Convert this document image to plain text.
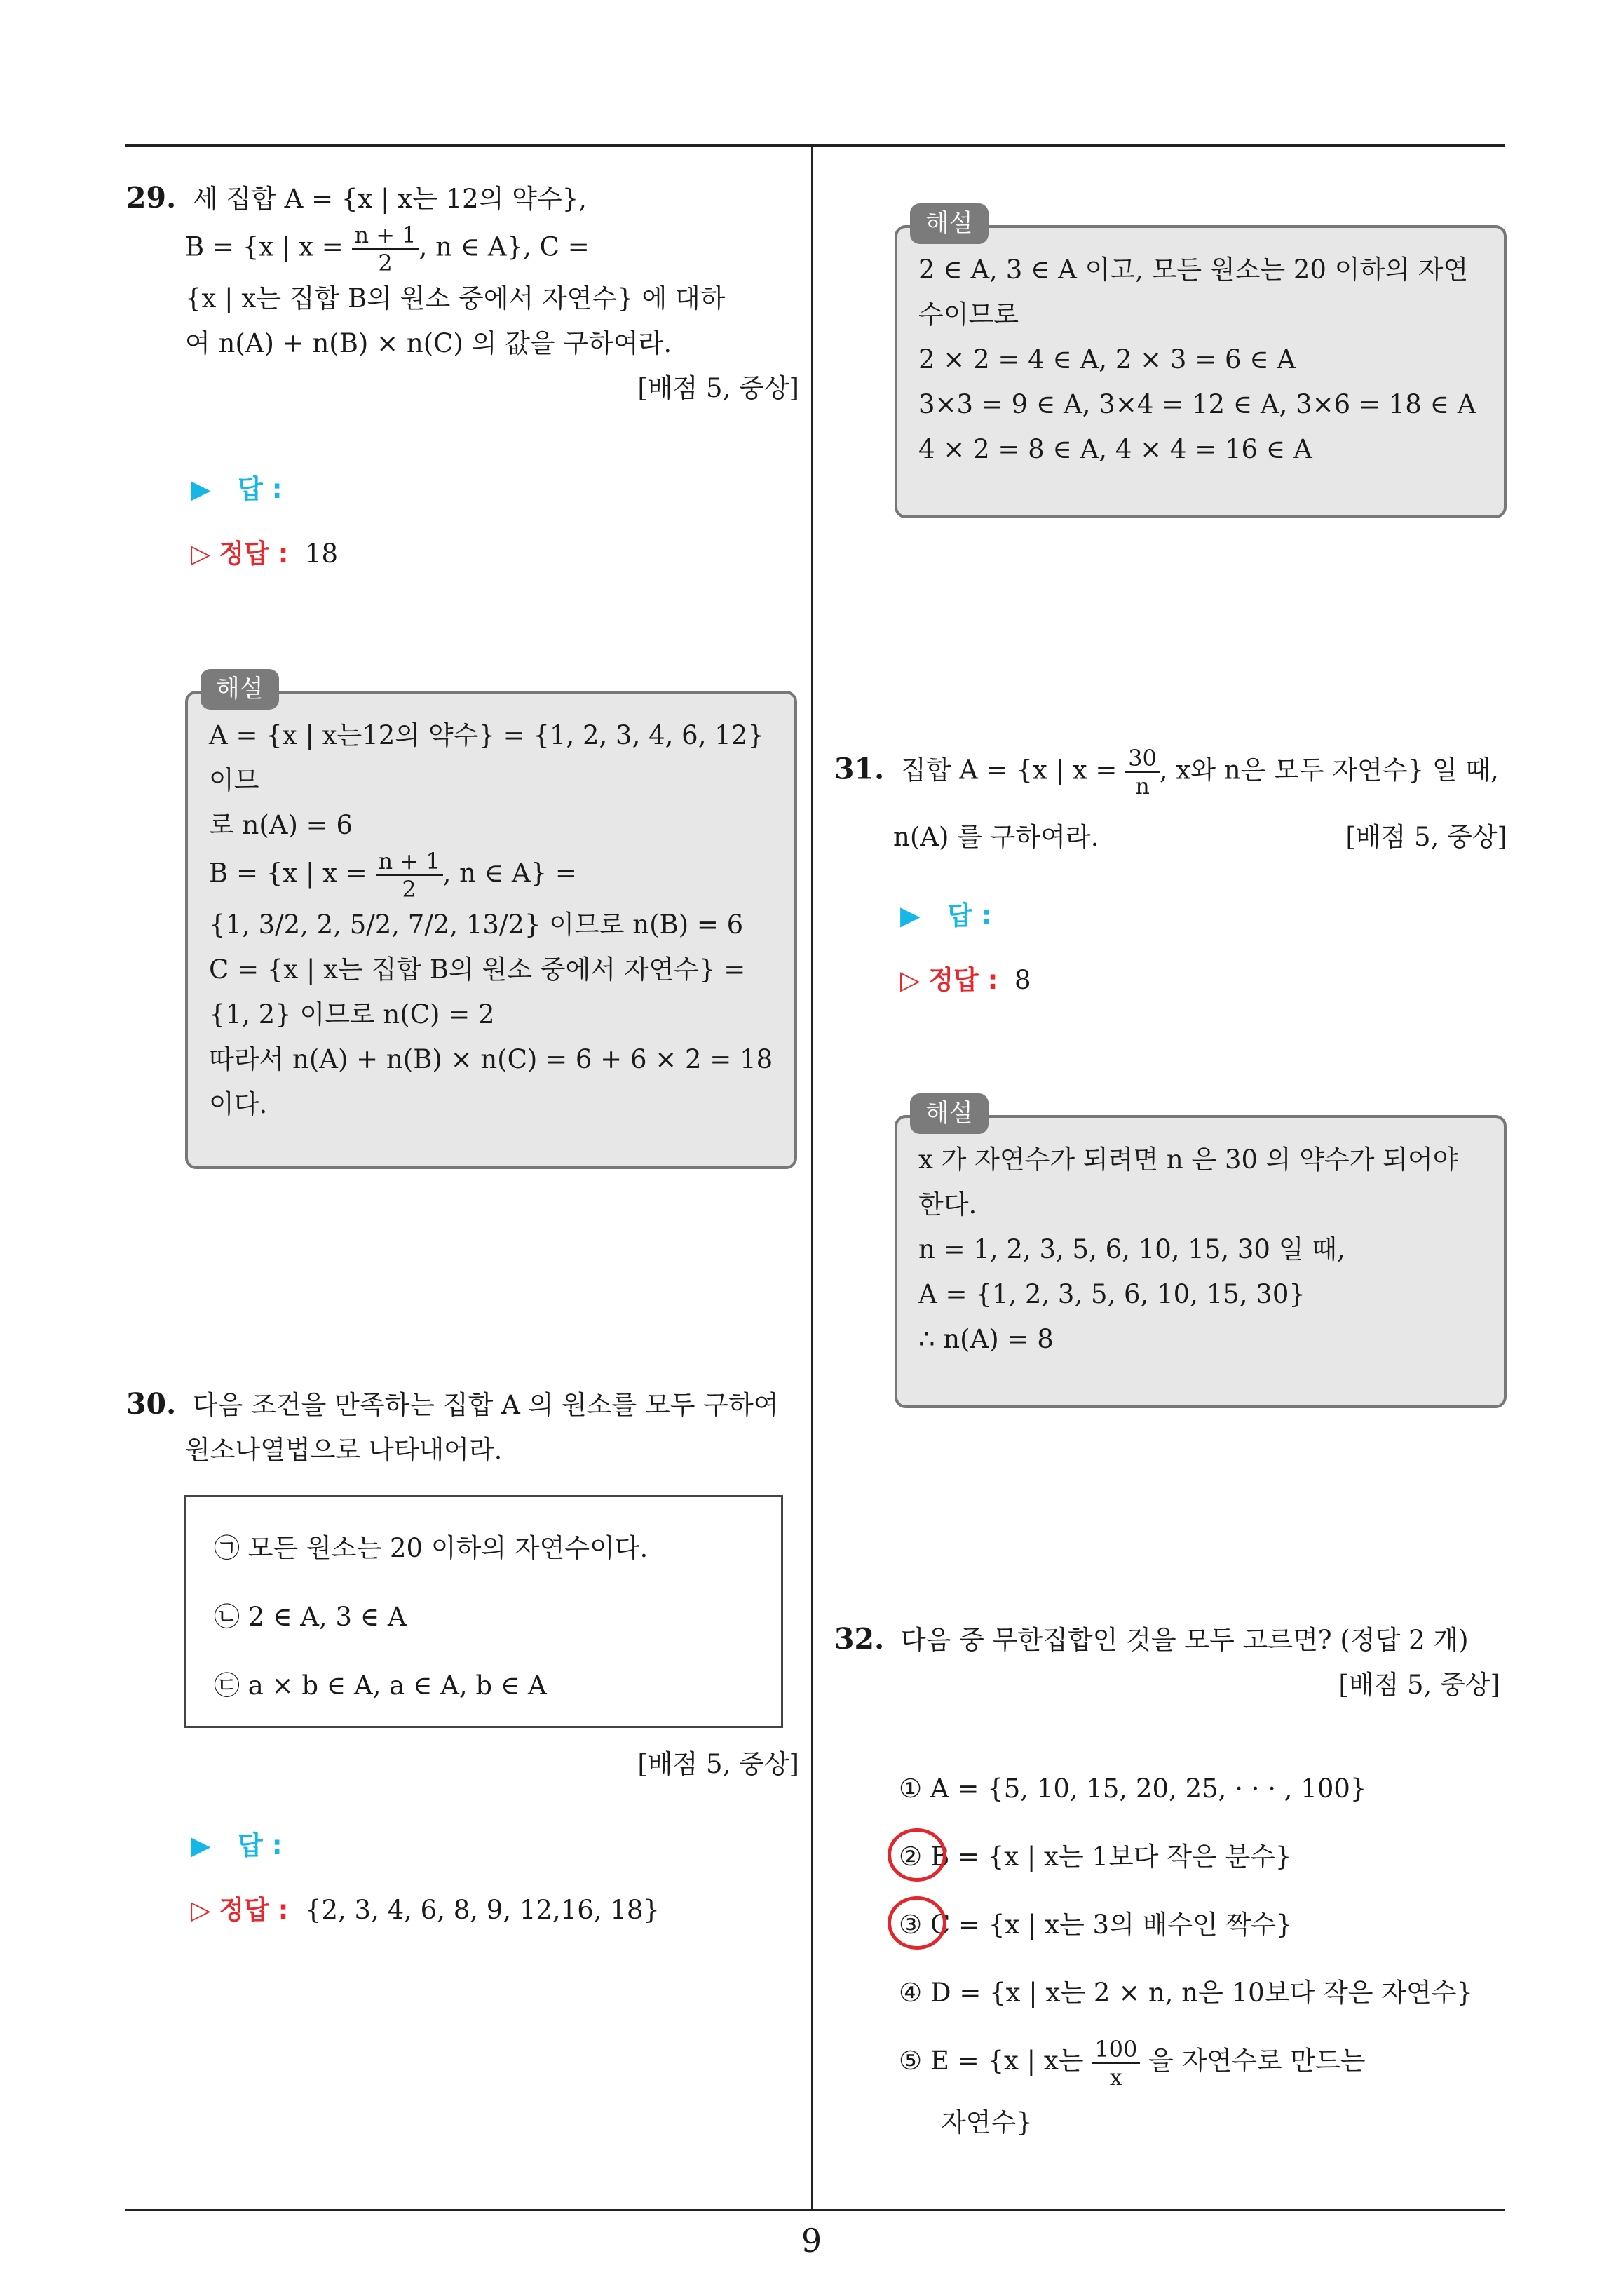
29. 세 집합 A = {x | x는 12의 약수},
B = {x | $x = \frac{n + 1}{2}$ , n ∈ A}, C =
{x | x는 집합 B의 원소 중에서 자연수} 에 대하
여 n(A) + n(B) × n(C) 의 값을 구하여라.
[배점 5, 중상]
▶ 답 :
▷ 정답 : 18
A = {x | x는12의 약수} = {1, 2, 3, 4, 6, 12} 이므
로 n(A) = 6
B = {x | $x = \frac{n + 1}{2}$ , n ∈ A} =
{1, 3/2, 2, 5/2, 7/2, 13/2} 이므로 n(B) = 6
C = {x | x는 집합 B의 원소 중에서 자연수} =
{1, 2} 이므로 n(C) = 2
따라서 n(A) + n(B) × n(C) = 6 + 6 × 2 = 18
이다.
해설
30. 다음 조건을 만족하는 집합 A 의 원소를 모두 구하여
원소나열법으로 나타내어라.
㉠ 모든 원소는 20 이하의 자연수이다.
㉡ 2 ∈ A, 3 ∈ A
㉢ a × b ∈ A, a ∈ A, b ∈ A
[배점 5, 중상]
▶ 답 :
▷ 정답 : {2, 3, 4, 6, 8, 9, 12,16, 18}
2 ∈ A, 3 ∈ A 이고, 모든 원소는 20 이하의 자연
수이므로
2 × 2 = 4 ∈ A, 2 × 3 = 6 ∈ A
3×3 = 9 ∈ A, 3×4 = 12 ∈ A, 3×6 = 18 ∈ A
4 × 2 = 8 ∈ A, 4 × 4 = 16 ∈ A
해설
31. 집합 A = {x | $x = \frac{30}{n}$ , x와 n은 모두 자연수} 일 때,
n(A) 를 구하여라.	[배점 5, 중상]
▶ 답 :
▷ 정답 : 8
x 가 자연수가 되려면 n 은 30 의 약수가 되어야
한다.
n = 1, 2, 3, 5, 6, 10, 15, 30 일 때,
A = {1, 2, 3, 5, 6, 10, 15, 30}
∴ n(A) = 8
해설
32. 다음 중 무한집합인 것을 모두 고르면? (정답 2 개)
[배점 5, 중상]
① A = {5, 10, 15, 20, 25, · · · , 100}
② B = {x | x는 1보다 작은 분수}
③ C = {x | x는 3의 배수인 짝수}
④ D = {x | x는 2 × n, n은 10보다 작은 자연수}
⑤ E = {x | x는 $\frac{100}{x}$ 을 자연수로 만드는
자연수}
9
